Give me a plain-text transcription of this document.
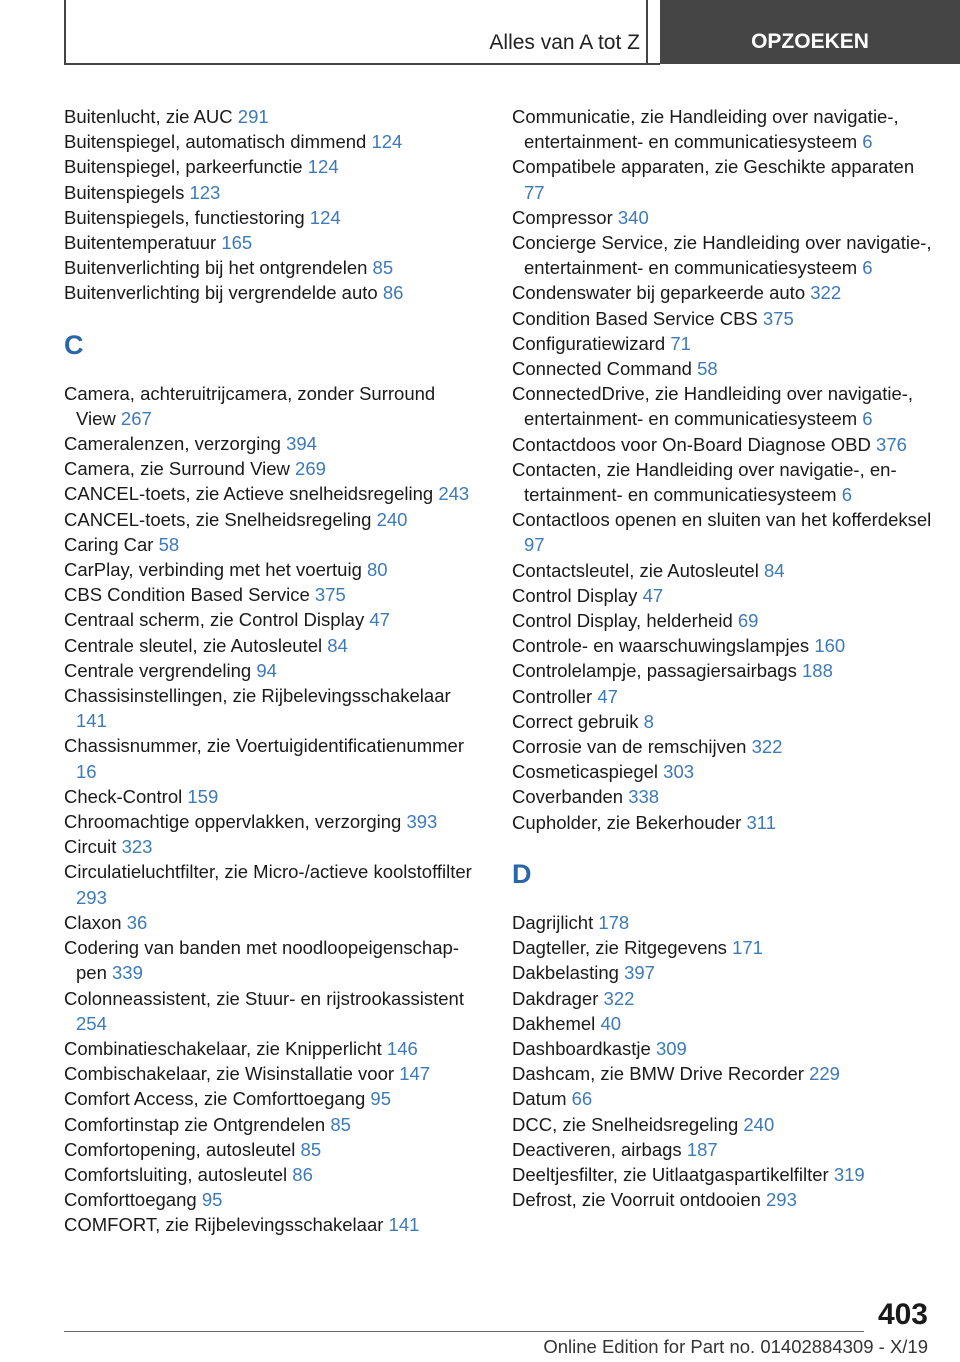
Alles van A tot Z	OPZOEKEN

Buitenlucht, zie AUC 291

Buitenspiegel, automatisch dimmend 124

Buitenspiegel, parkeerfunctie 124

Buitenspiegels 123

Buitenspiegels, functiestoring 124

Buitentemperatuur 165

Buitenverlichting bij het ontgrendelen 85

Buitenverlichting bij vergrendelde auto 86

C

Camera, achteruitrijcamera, zonder Surround View 267

Cameralenzen, verzorging 394

Camera, zie Surround View 269

CANCEL-toets, zie Actieve snelheidsregeling 243

CANCEL-toets, zie Snelheidsregeling 240

Caring Car 58

CarPlay, verbinding met het voertuig 80

CBS Condition Based Service 375

Centraal scherm, zie Control Display 47

Centrale sleutel, zie Autosleutel 84

Centrale vergrendeling 94

Chassisinstellingen, zie Rijbelevingsschakelaar 141

Chassisnummer, zie Voertuigidentificatienummer 16

Check-Control 159

Chroomachtige oppervlakken, verzorging 393

Circuit 323

Circulatieluchtfilter, zie Micro-/actieve koolstoffilter 293

Claxon 36

Codering van banden met noodloopeigenschappen 339

Colonneassistent, zie Stuur- en rijstrookassistent 254

Combinatieschakelaar, zie Knipperlicht 146

Combischakelaar, zie Wisinstallatie voor 147

Comfort Access, zie Comforttoegang 95

Comfortinstap zie Ontgrendelen 85

Comfortopening, autosleutel 85

Comfortsluiting, autosleutel 86

Comforttoegang 95

COMFORT, zie Rijbelevingsschakelaar 141

Communicatie, zie Handleiding over navigatie-, entertainment- en communicatiesysteem 6

Compatibele apparaten, zie Geschikte apparaten 77

Compressor 340

Concierge Service, zie Handleiding over navigatie-, entertainment- en communicatiesysteem 6

Condenswater bij geparkeerde auto 322

Condition Based Service CBS 375

Configuratiewizard 71

Connected Command 58

ConnectedDrive, zie Handleiding over navigatie-, entertainment- en communicatiesysteem 6

Contactdoos voor On-Board Diagnose OBD 376

Contacten, zie Handleiding over navigatie-, entertainment- en communicatiesysteem 6

Contactloos openen en sluiten van het kofferdeksel 97

Contactsleutel, zie Autosleutel 84

Control Display 47

Control Display, helderheid 69

Controle- en waarschuwingslampjes 160

Controlelampje, passagiersairbags 188

Controller 47

Correct gebruik 8

Corrosie van de remschijven 322

Cosmeticaspiegel 303

Coverbanden 338

Cupholder, zie Bekerhouder 311

D

Dagrijlicht 178

Dagteller, zie Ritgegevens 171

Dakbelasting 397

Dakdrager 322

Dakhemel 40

Dashboardkastje 309

Dashcam, zie BMW Drive Recorder 229

Datum 66

DCC, zie Snelheidsregeling 240

Deactiveren, airbags 187

Deeltjesfilter, zie Uitlaatgaspartikelfilter 319

Defrost, zie Voorruit ontdooien 293

403
Online Edition for Part no. 01402884309 - X/19
